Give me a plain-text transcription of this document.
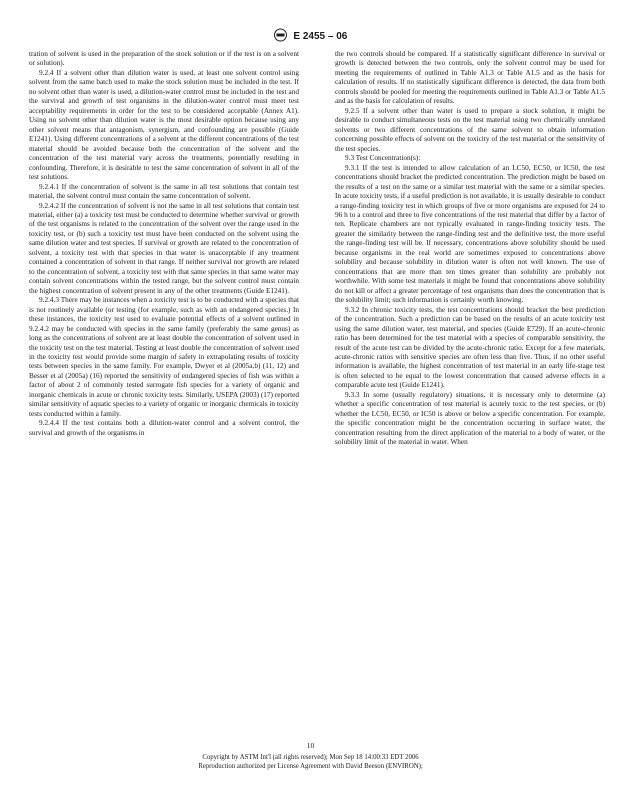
E 2455 – 06

tration of solvent is used in the preparation of the stock solution or if the test is on a solvent or solution).

9.2.4 If a solvent other than dilution water is used, at least one solvent control using solvent from the same batch used to make the stock solution must be included in the test. If no solvent other than water is used, a dilution-water control must be included in the test and the survival and growth of test organisms in the dilution-water control must meet test acceptability requirements in order for the test to be considered acceptable (Annex A1). Using no solvent other than dilution water is the most desirable option because using any other solvent means that antagonism, synergism, and confounding are possible (Guide E1241). Using different concentrations of a solvent at the different concentrations of the test material should be avoided because both the concentration of the solvent and the concentration of the test material vary across the treatments, potentially resulting in confounding. Therefore, it is desirable to test the same concentration of solvent in all of the test solutions.

9.2.4.1 If the concentration of solvent is the same in all test solutions that contain test material, the solvent control must contain the same concentration of solvent.

9.2.4.2 If the concentration of solvent is not the same in all test solutions that contain test material, either (a) a toxicity test must be conducted to determine whether survival or growth of the test organisms is related to the concentration of the solvent over the range used in the toxicity test, or (b) such a toxicity test must have been conducted on the solvent using the same dilution water and test species. If survival or growth are related to the concentration of solvent, a toxicity test with that species in that water is unacceptable if any treatment contained a concentration of solvent in that range. If neither survival nor growth are related to the concentration of solvent, a toxicity test with that same species in that same water may contain solvent concentrations within the tested range, but the solvent control must contain the highest concentration of solvent present in any of the other treatments (Guide E1241).

9.2.4.3 There may be instances when a toxicity test is to be conducted with a species that is not routinely available (or testing (for example, such as with an endangered species.) In these instances, the toxicity test used to evaluate potential effects of a solvent outlined in 9.2.4.2 may be conducted with species in the same family (preferably the same genus) as long as the concentrations of solvent are at least double the concentration of solvent used in the toxicity test on the test material. Testing at least double the concentration of solvent used in the toxicity test would provide some margin of safety in extrapolating results of toxicity tests between species in the same family. For example, Dwyer et al (2005a,b) (11, 12) and Besser et al (2005a) (16) reported the sensitivity of endangered species of fish was within a factor of about 2 of commonly tested surrogate fish species for a variety of organic and inorganic chemicals in acute or chronic toxicity tests. Similarly, USEPA (2003) (17) reported similar sensitivity of aquatic species to a variety of organic or inorganic chemicals in toxicity tests conducted within a family.

9.2.4.4 If the test contains both a dilution-water control and a solvent control, the survival and growth of the organisms in

the two controls should be compared. If a statistically significant difference in survival or growth is detected between the two controls, only the solvent control may be used for meeting the requirements of outlined in Table A1.3 or Table A1.5 and as the basis for calculation of results. If no statistically significant difference is detected, the data from both controls should be pooled for meeting the requirements outlined in Table A1.3 or Table A1.5 and as the basis for calculation of results.

9.2.5 If a solvent other than water is used to prepare a stock solution, it might be desirable to conduct simultaneous tests on the test material using two chemically unrelated solvents or two different concentrations of the same solvent to obtain information concerning possible effects of solvent on the toxicity of the test material or the sensitivity of the test species.

9.3 Test Concentration(s):

9.3.1 If the test is intended to allow calculation of an LC50, EC50, or IC50, the test concentrations should bracket the predicted concentration. The prediction might be based on the results of a test on the same or a similar test material with the same or a similar species. In acute toxicity tests, if a useful prediction is not available, it is usually desirable to conduct a range-finding toxicity test in which groups of five or more organisms are exposed for 24 to 96 h to a control and three to five concentrations of the test material that differ by a factor of ten. Replicate chambers are not typically evaluated in range-finding toxicity tests. The greater the similarity between the range-finding test and the definitive test, the more useful the range-finding test will be. If necessary, concentrations above solubility should be used because organisms in the real world are sometimes exposed to concentrations above solubility and because solubility in dilution water is often not well known. The use of concentrations that are more than ten times greater than solubility are probably not worthwhile. With some test materials it might be found that concentrations above solubility do not kill or affect a greater percentage of test organisms than does the concentration that is the solubility limit; such information is certainly worth knowing.

9.3.2 In chronic toxicity tests, the test concentrations should bracket the best prediction of the concentration. Such a prediction can be based on the results of an acute toxicity test using the same dilution water, test material, and species (Guide E729). If an acute-chronic ratio has been determined for the test material with a species of comparable sensitivity, the result of the acute test can be divided by the acute-chronic ratio. Except for a few materials, acute-chronic ratios with sensitive species are often less than five. Thus, if no other useful information is available, the highest concentration of test material in an early life-stage test is often selected to be equal to the lowest concentration that caused adverse effects in a comparable acute test (Guide E1241).

9.3.3 In some (usually regulatory) situations, it is necessary only to determine (a) whether a specific concentration of test material is acutely toxic to the test species, or (b) whether the LC50, EC50, or IC50 is above or below a specific concentration. For example, the specific concentration might be the concentration occurring in surface water, the concentration resulting from the direct application of the material to a body of water, or the solubility limit of the material in water. When

10
Copyright by ASTM Int'l (all rights reserved); Mon Sep 18 14:00:33 EDT 2006
Reproduction authorized per License Agreement with David Beeson (ENVIRON);
